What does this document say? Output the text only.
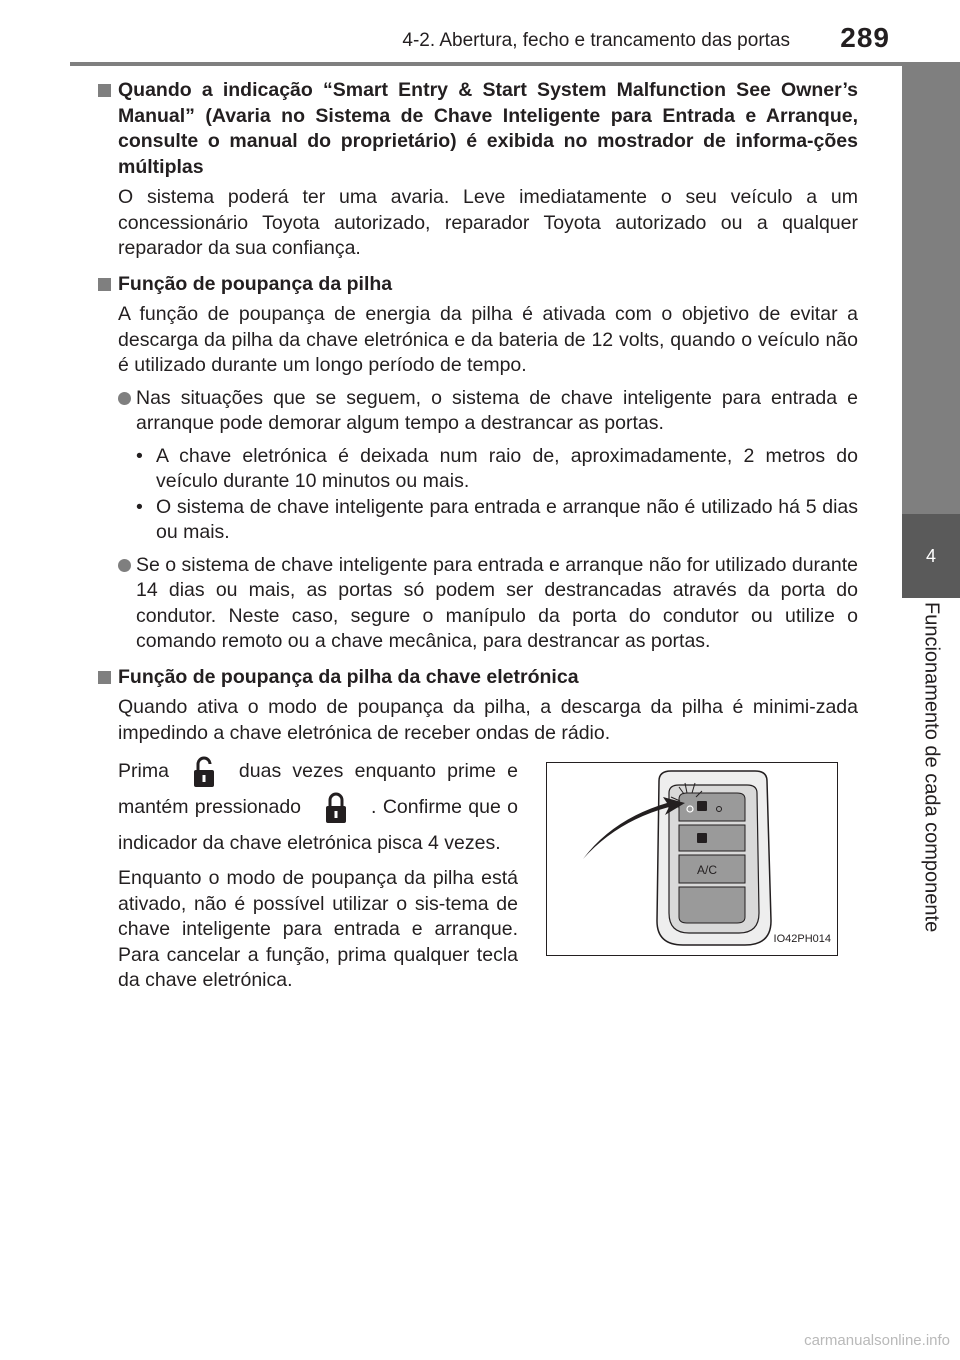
4-2. Abertura, fecho e trancamento das portas	289
4
Funcionamento de cada componente
Quando a indicação “Smart Entry & Start System Malfunction See Owner’s Manual” (Avaria no Sistema de Chave Inteligente para Entrada e Arranque, consulte o manual do proprietário) é exibida no mostrador de informa-ções múltiplas
O sistema poderá ter uma avaria. Leve imediatamente o seu veículo a um concessionário Toyota autorizado, reparador Toyota autorizado ou a qualquer reparador da sua confiança.
Função de poupança da pilha
A função de poupança de energia da pilha é ativada com o objetivo de evitar a descarga da pilha da chave eletrónica e da bateria de 12 volts, quando o veículo não é utilizado durante um longo período de tempo.
Nas situações que se seguem, o sistema de chave inteligente para entrada e arranque pode demorar algum tempo a destrancar as portas.
• A chave eletrónica é deixada num raio de, aproximadamente, 2 metros do veículo durante 10 minutos ou mais.
• O sistema de chave inteligente para entrada e arranque não é utilizado há 5 dias ou mais.
Se o sistema de chave inteligente para entrada e arranque não for utilizado durante 14 dias ou mais, as portas só podem ser destrancadas através da porta do condutor. Neste caso, segure o manípulo da porta do condutor ou utilize o comando remoto ou a chave mecânica, para destrancar as portas.
Função de poupança da pilha da chave eletrónica
Quando ativa o modo de poupança da pilha, a descarga da pilha é minimi-zada impedindo a chave eletrónica de receber ondas de rádio.

Prima	duas vezes enquanto prime e mantém pressionado	. Confirme que o indicador da chave eletrónica pisca 4 vezes.

Enquanto o modo de poupança da pilha está ativado, não é possível utilizar o sis-tema de chave inteligente para entrada e arranque. Para cancelar a função, prima qualquer tecla da chave eletrónica.

A/C
IO42PH014
carmanualsonline.info
